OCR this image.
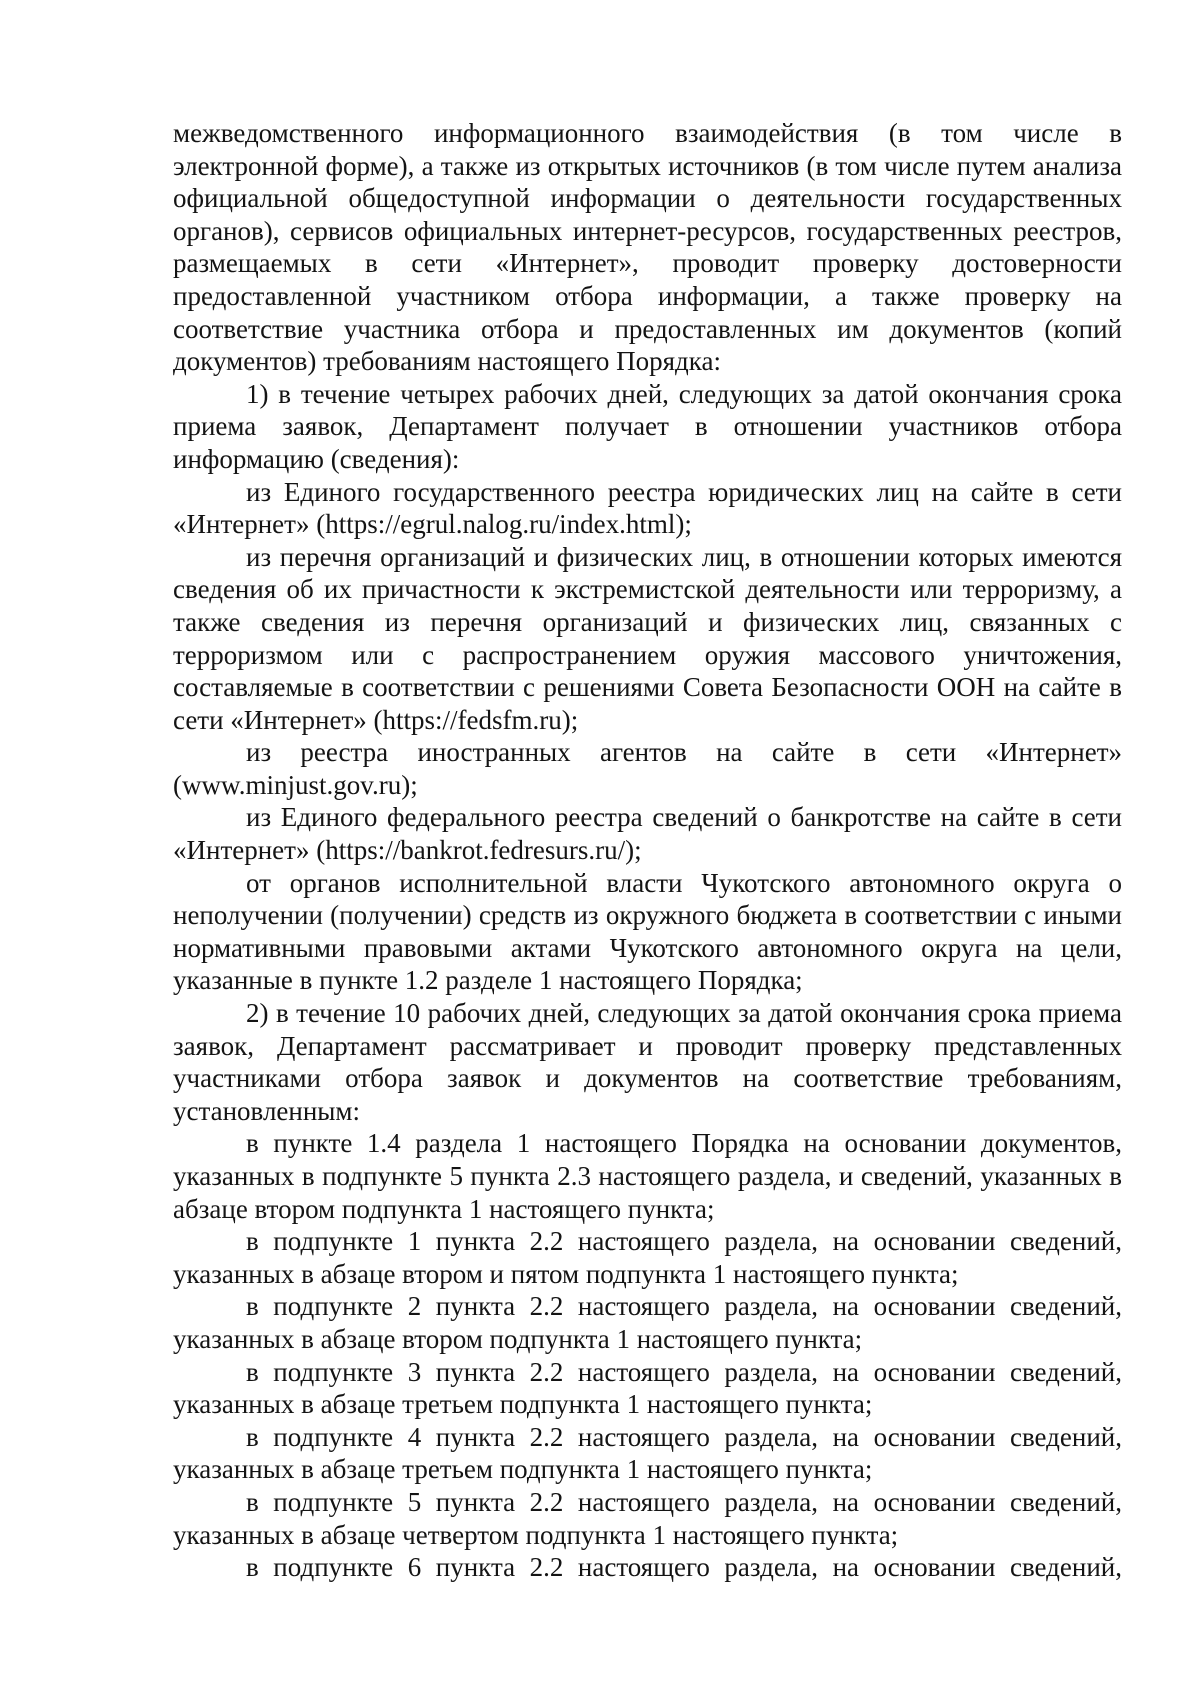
межведомственного информационного взаимодействия (в том числе в электронной форме), а также из открытых источников (в том числе путем анализа официальной общедоступной информации о деятельности государственных органов), сервисов официальных интернет-ресурсов, государственных реестров, размещаемых в сети «Интернет», проводит проверку достоверности предоставленной участником отбора информации, а также проверку на соответствие участника отбора и предоставленных им документов (копий документов) требованиям настоящего Порядка:

1) в течение четырех рабочих дней, следующих за датой окончания срока приема заявок, Департамент получает в отношении участников отбора информацию (сведения):

из Единого государственного реестра юридических лиц на сайте в сети «Интернет» (https://egrul.nalog.ru/index.html);

из перечня организаций и физических лиц, в отношении которых имеются сведения об их причастности к экстремистской деятельности или терроризму, а также сведения из перечня организаций и физических лиц, связанных с терроризмом или с распространением оружия массового уничтожения, составляемые в соответствии с решениями Совета Безопасности ООН на сайте в сети «Интернет» (https://fedsfm.ru);

из реестра иностранных агентов на сайте в сети «Интернет» (www.minjust.gov.ru);

из Единого федерального реестра сведений о банкротстве на сайте в сети «Интернет» (https://bankrot.fedresurs.ru/);

от органов исполнительной власти Чукотского автономного округа о неполучении (получении) средств из окружного бюджета в соответствии с иными нормативными правовыми актами Чукотского автономного округа на цели, указанные в пункте 1.2 разделе 1 настоящего Порядка;

2) в течение 10 рабочих дней, следующих за датой окончания срока приема заявок, Департамент рассматривает и проводит проверку представленных участниками отбора заявок и документов на соответствие требованиям, установленным:

в пункте 1.4 раздела 1 настоящего Порядка на основании документов, указанных в подпункте 5 пункта 2.3 настоящего раздела, и сведений, указанных в абзаце втором подпункта 1 настоящего пункта;

в подпункте 1 пункта 2.2 настоящего раздела, на основании сведений, указанных в абзаце втором и пятом подпункта 1 настоящего пункта;

в подпункте 2 пункта 2.2 настоящего раздела, на основании сведений, указанных в абзаце втором подпункта 1 настоящего пункта;

в подпункте 3 пункта 2.2 настоящего раздела, на основании сведений, указанных в абзаце третьем подпункта 1 настоящего пункта;

в подпункте 4 пункта 2.2 настоящего раздела, на основании сведений, указанных в абзаце третьем подпункта 1 настоящего пункта;

в подпункте 5 пункта 2.2 настоящего раздела, на основании сведений, указанных в абзаце четвертом подпункта 1 настоящего пункта;

в подпункте 6 пункта 2.2 настоящего раздела, на основании сведений,
